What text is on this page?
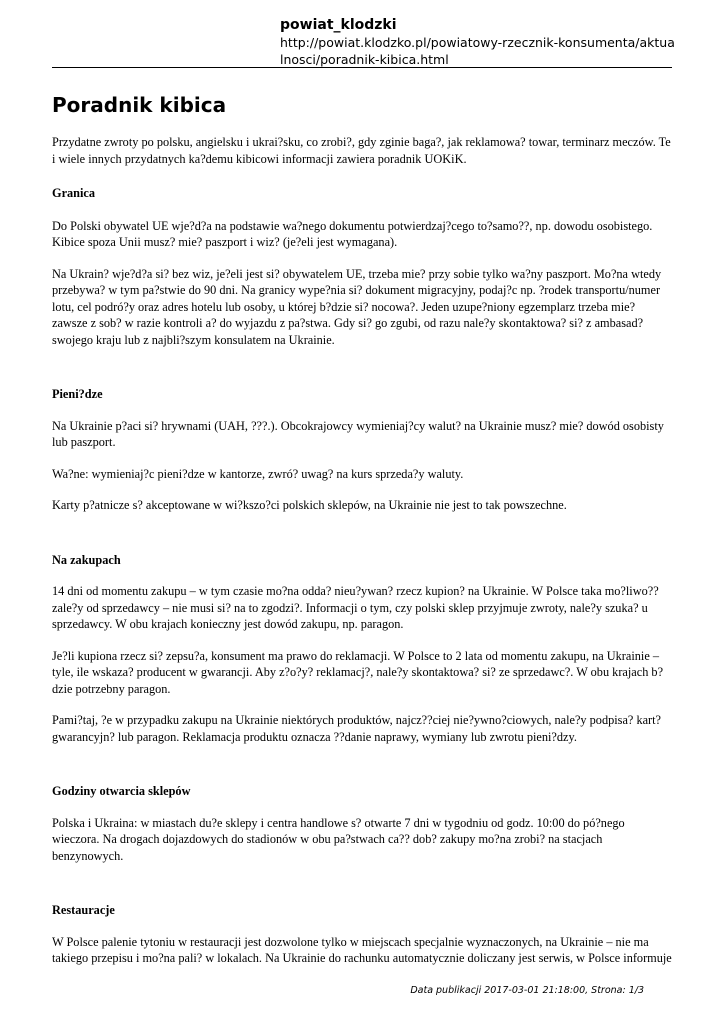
powiat_klodzki
http://powiat.klodzko.pl/powiatowy-rzecznik-konsumenta/aktualnosci/poradnik-kibica.html
Poradnik kibica

Przydatne zwroty po polsku, angielsku i ukrai?sku, co zrobi?, gdy zginie baga?, jak reklamowa? towar, terminarz meczów. Te i wiele innych przydatnych ka?demu kibicowi informacji zawiera poradnik UOKiK.

Granica

Do Polski obywatel UE wje?d?a na podstawie wa?nego dokumentu potwierdzaj?cego to?samo??, np. dowodu osobistego. Kibice spoza Unii musz? mie? paszport i wiz? (je?eli jest wymagana).

Na Ukrain? wje?d?a si? bez wiz, je?eli jest si? obywatelem UE, trzeba mie? przy sobie tylko wa?ny paszport. Mo?na wtedy przebywa? w tym pa?stwie do 90 dni. Na granicy wype?nia si? dokument migracyjny, podaj?c np. ?rodek transportu/numer lotu, cel podró?y oraz adres hotelu lub osoby, u której b?dzie si? nocowa?. Jeden uzupe?niony egzemplarz trzeba mie? zawsze z sob? w razie kontroli a? do wyjazdu z pa?stwa. Gdy si? go zgubi, od razu nale?y skontaktowa? si? z ambasad? swojego kraju lub z najbli?szym konsulatem na Ukrainie.

Pieni?dze

Na Ukrainie p?aci si? hrywnami (UAH, ???.). Obcokrajowcy wymieniaj?cy walut? na Ukrainie musz? mie? dowód osobisty lub paszport.

Wa?ne: wymieniaj?c pieni?dze w kantorze, zwró? uwag? na kurs sprzeda?y waluty.

Karty p?atnicze s? akceptowane w wi?kszo?ci polskich sklepów, na Ukrainie nie jest to tak powszechne.

Na zakupach

14 dni od momentu zakupu – w tym czasie mo?na odda? nieu?ywan? rzecz kupion? na Ukrainie. W Polsce taka mo?liwo?? zale?y od sprzedawcy – nie musi si? na to zgodzi?. Informacji o tym, czy polski sklep przyjmuje zwroty, nale?y szuka? u sprzedawcy. W obu krajach konieczny jest dowód zakupu, np. paragon.

Je?li kupiona rzecz si? zepsu?a, konsument ma prawo do reklamacji. W Polsce to 2 lata od momentu zakupu, na Ukrainie – tyle, ile wskaza? producent w gwarancji. Aby z?o?y? reklamacj?, nale?y skontaktowa? si? ze sprzedawc?. W obu krajach b?dzie potrzebny paragon.

Pami?taj, ?e w przypadku zakupu na Ukrainie niektórych produktów, najcz??ciej nie?ywno?ciowych, nale?y podpisa? kart? gwarancyjn? lub paragon. Reklamacja produktu oznacza ??danie naprawy, wymiany lub zwrotu pieni?dzy.

Godziny otwarcia sklepów

Polska i Ukraina: w miastach du?e sklepy i centra handlowe s? otwarte 7 dni w tygodniu od godz. 10:00 do pó?nego wieczora. Na drogach dojazdowych do stadionów w obu pa?stwach ca?? dob? zakupy mo?na zrobi? na stacjach benzynowych.

Restauracje

W Polsce palenie tytoniu w restauracji jest dozwolone tylko w miejscach specjalnie wyznaczonych, na Ukrainie – nie ma takiego przepisu i mo?na pali? w lokalach. Na Ukrainie do rachunku automatycznie doliczany jest serwis, w Polsce informuje

Data publikacji 2017-03-01 21:18:00, Strona: 1/3
